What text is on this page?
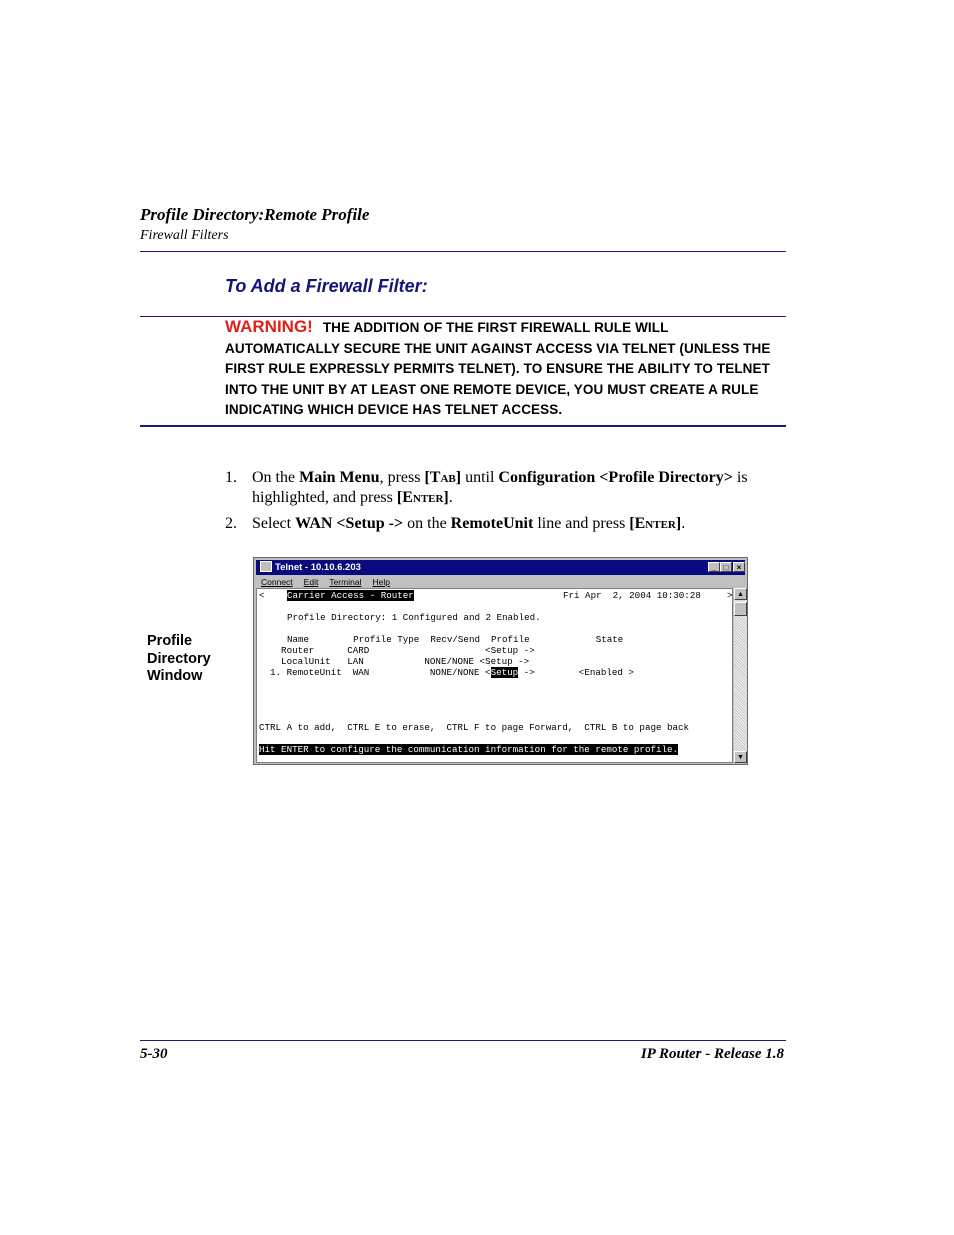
Profile Directory:Remote Profile
Firewall Filters
To Add a Firewall Filter:
WARNING! THE ADDITION OF THE FIRST FIREWALL RULE WILL AUTOMATICALLY SECURE THE UNIT AGAINST ACCESS VIA TELNET (UNLESS THE FIRST RULE EXPRESSLY PERMITS TELNET). TO ENSURE THE ABILITY TO TELNET INTO THE UNIT BY AT LEAST ONE REMOTE DEVICE, YOU MUST CREATE A RULE INDICATING WHICH DEVICE HAS TELNET ACCESS.
1. On the Main Menu, press [Tab] until Configuration <Profile Directory> is highlighted, and press [Enter].
2. Select WAN <Setup -> on the RemoteUnit line and press [Enter].
Profile
Directory
Window
Telnet - 10.10.6.203	_ □	×
Connect Edit Terminal Help
< Carrier Access - Router	Fri Apr  2, 2004 10:30:28	>
Profile Directory: 1 Configured and 2 Enabled.
Name        Profile Type  Recv/Send  Profile            State
Router      CARD                     <Setup ->
LocalUnit   LAN           NONE/NONE <Setup ->
1. RemoteUnit  WAN           NONE/NONE <Setup ->        <Enabled >
CTRL A to add,  CTRL E to erase,  CTRL F to page Forward,  CTRL B to page back
Hit ENTER to configure the communication information for the remote profile.
▲
▼
5-30	IP Router - Release 1.8
